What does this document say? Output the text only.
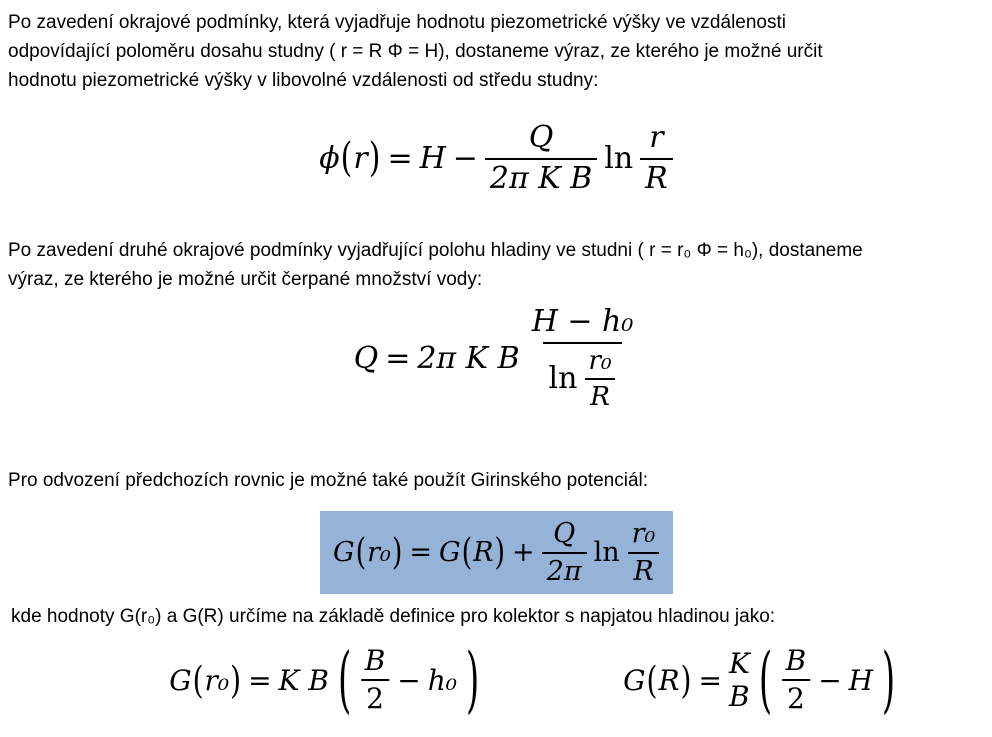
Po zavedení okrajové podmínky, která vyjadřuje hodnotu piezometrické výšky ve vzdálenosti
odpovídající poloměru dosahu studny ( r = R Φ = H), dostaneme výraz, ze kterého je možné určit
hodnotu piezometrické výšky v libovolné vzdálenosti od středu studny:
ϕ ( r ) = $H - \frac{Q}{\text{2π K B}}$ $\ln \frac{r}{R}$
Po zavedení druhé okrajové podmínky vyjadřující polohu hladiny ve studni ( r = r₀ Φ = h₀), dostaneme
výraz, ze kterého je možné určit čerpané množství vody:
Q = 2π K B $\frac{\text{H − h₀}}{\ln \frac{\text{r₀}}{R}}$
Pro odvození předchozích rovnic je možné také použít Girinského potenciál:
G ( r₀ ) = G ( R ) + $\frac{Q}{2\pi}$ $\ln \frac{\text{r₀}}{R}$
kde hodnoty G(r₀) a G(R) určíme na základě definice pro kolektor s napjatou hladinou jako:
G ( r₀ ) = K B ( $\frac{B}{2} - h_0$ )	G ( R ) = K B ( $\frac{B}{2} - H$ )
